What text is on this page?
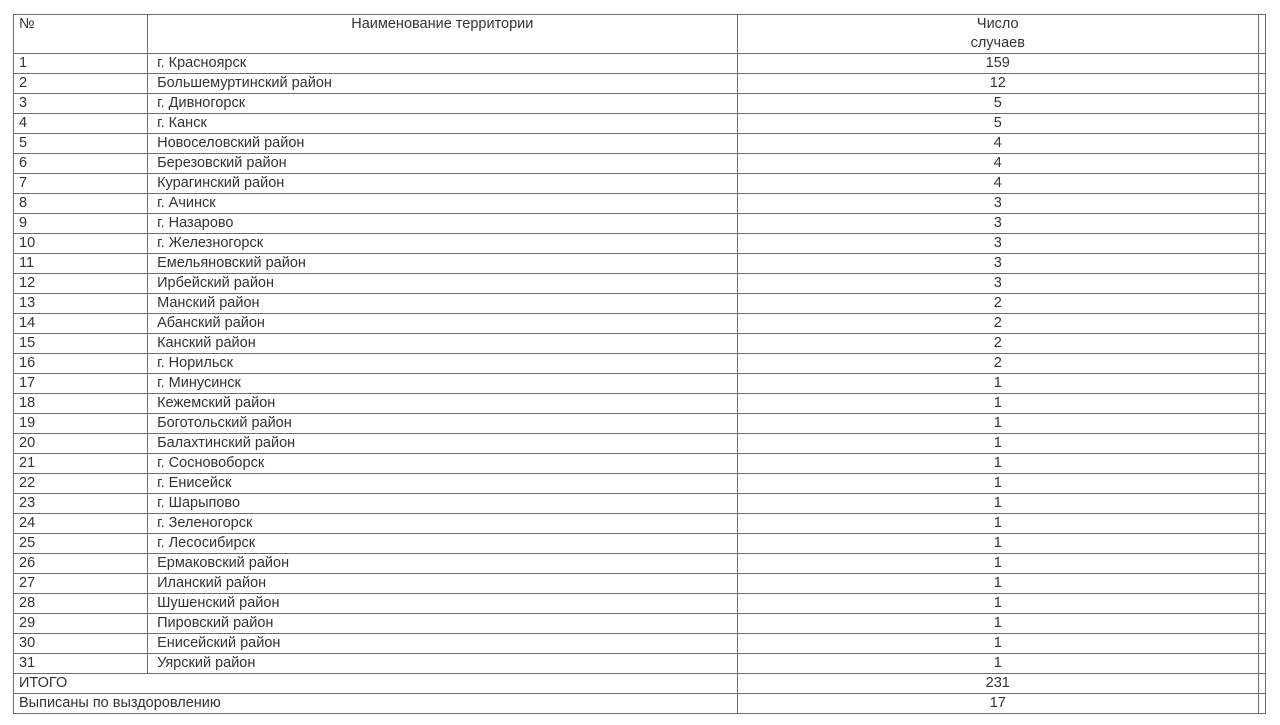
№	Наименование территории	Число
случаев	
1	г. Красноярск	159	
2	Большемуртинский район	12	
3	г. Дивногорск	5	
4	г. Канск	5	
5	Новоселовский район	4	
6	Березовский район	4	
7	Курагинский район	4	
8	г. Ачинск	3	
9	г. Назарово	3	
10	г. Железногорск	3	
11	Емельяновский район	3	
12	Ирбейский район	3	
13	Манский район	2	
14	Абанский район	2	
15	Канский район	2	
16	г. Норильск	2	
17	г. Минусинск	1	
18	Кежемский район	1	
19	Боготольский район	1	
20	Балахтинский район	1	
21	г. Сосновоборск	1	
22	г. Енисейск	1	
23	г. Шарыпово	1	
24	г. Зеленогорск	1	
25	г. Лесосибирск	1	
26	Ермаковский район	1	
27	Иланский район	1	
28	Шушенский район	1	
29	Пировский район	1	
30	Енисейский район	1	
31	Уярский район	1	
ИТОГО		231	
Выписаны по выздоровлению		17	
